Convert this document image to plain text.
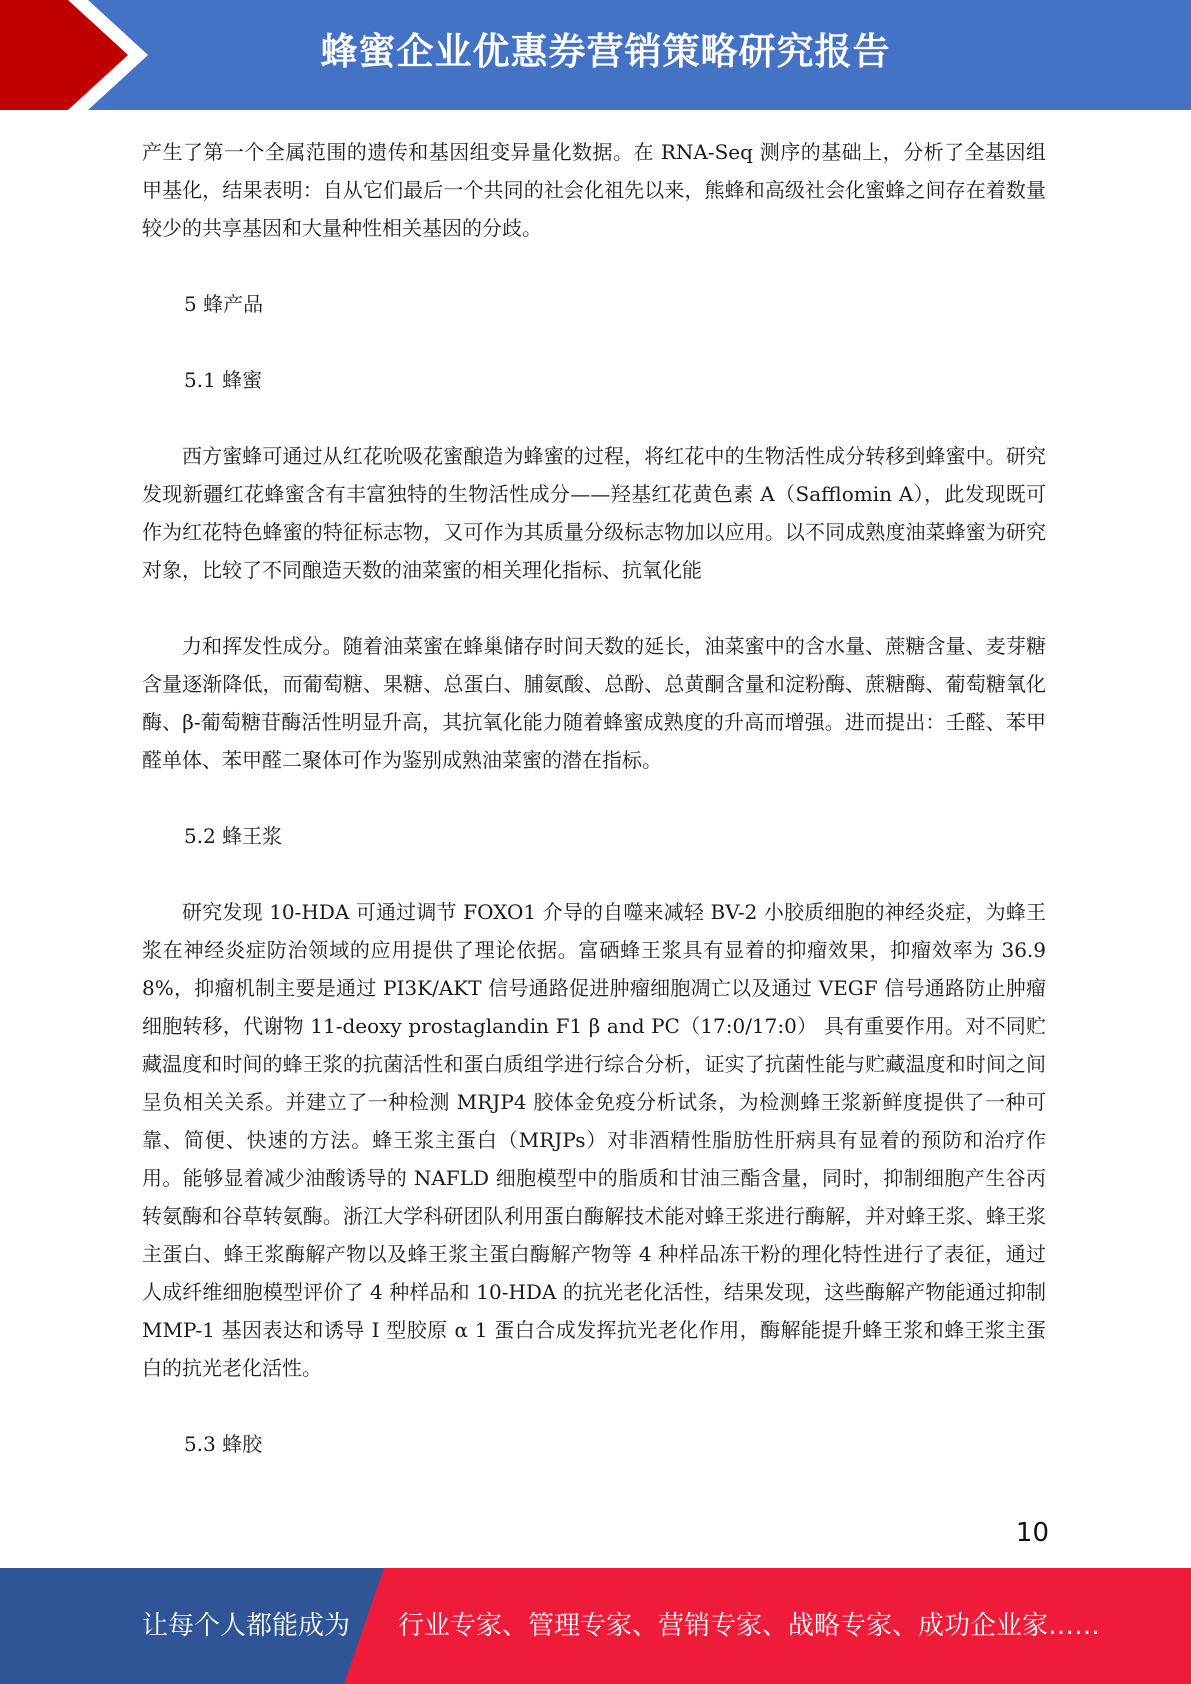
蜂蜜企业优惠券营销策略研究报告

产生了第一个全属范围的遗传和基因组变异量化数据。在 RNA-Seq 测序的基础上，分析了全基因组甲基化，结果表明：自从它们最后一个共同的社会化祖先以来，熊蜂和高级社会化蜜蜂之间存在着数量较少的共享基因和大量种性相关基因的分歧。

5 蜂产品

5.1 蜂蜜

西方蜜蜂可通过从红花吮吸花蜜酿造为蜂蜜的过程，将红花中的生物活性成分转移到蜂蜜中。研究发现新疆红花蜂蜜含有丰富独特的生物活性成分——羟基红花黄色素 A（Safflomin A），此发现既可作为红花特色蜂蜜的特征标志物，又可作为其质量分级标志物加以应用。以不同成熟度油菜蜂蜜为研究对象，比较了不同酿造天数的油菜蜜的相关理化指标、抗氧化能

力和挥发性成分。随着油菜蜜在蜂巢储存时间天数的延长，油菜蜜中的含水量、蔗糖含量、麦芽糖含量逐渐降低，而葡萄糖、果糖、总蛋白、脯氨酸、总酚、总黄酮含量和淀粉酶、蔗糖酶、葡萄糖氧化酶、β-葡萄糖苷酶活性明显升高，其抗氧化能力随着蜂蜜成熟度的升高而增强。进而提出：壬醛、苯甲醛单体、苯甲醛二聚体可作为鉴别成熟油菜蜜的潜在指标。

5.2 蜂王浆

研究发现 10-HDA 可通过调节 FOXO1 介导的自噬来减轻 BV-2 小胶质细胞的神经炎症，为蜂王浆在神经炎症防治领域的应用提供了理论依据。富硒蜂王浆具有显着的抑瘤效果，抑瘤效率为 36.98%，抑瘤机制主要是通过 PI3K/AKT 信号通路促进肿瘤细胞凋亡以及通过 VEGF 信号通路防止肿瘤细胞转移，代谢物 11-deoxy prostaglandin F1 β and PC（17:0/17:0） 具有重要作用。对不同贮藏温度和时间的蜂王浆的抗菌活性和蛋白质组学进行综合分析，证实了抗菌性能与贮藏温度和时间之间呈负相关关系。并建立了一种检测 MRJP4 胶体金免疫分析试条，为检测蜂王浆新鲜度提供了一种可靠、简便、快速的方法。蜂王浆主蛋白（MRJPs）对非酒精性脂肪性肝病具有显着的预防和治疗作用。能够显着减少油酸诱导的 NAFLD 细胞模型中的脂质和甘油三酯含量，同时，抑制细胞产生谷丙转氨酶和谷草转氨酶。浙江大学科研团队利用蛋白酶解技术能对蜂王浆进行酶解，并对蜂王浆、蜂王浆主蛋白、蜂王浆酶解产物以及蜂王浆主蛋白酶解产物等 4 种样品冻干粉的理化特性进行了表征，通过人成纤维细胞模型评价了 4 种样品和 10-HDA 的抗光老化活性，结果发现，这些酶解产物能通过抑制 MMP-1 基因表达和诱导 I 型胶原 α 1 蛋白合成发挥抗光老化作用，酶解能提升蜂王浆和蜂王浆主蛋白的抗光老化活性。

5.3 蜂胶

10
让每个人都能成为 行业专家、管理专家、营销专家、战略专家、成功企业家……
